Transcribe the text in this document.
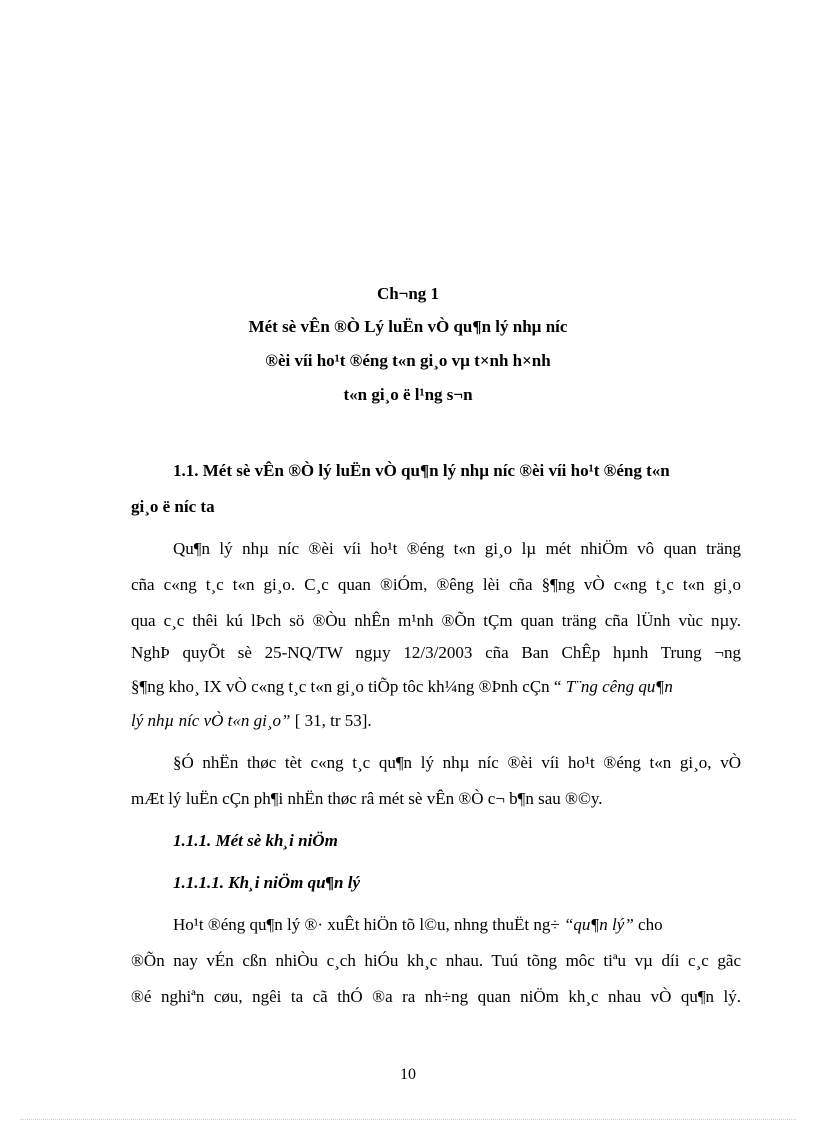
Ch¬ng 1
Mét sè vÊn ®Ò Lý luËn vÒ qu¶n lý nhµ níc
®èi víi ho¹t ®éng t«n gi¸o vµ t×nh h×nh
t«n gi¸o ë l¹ng s¬n
1.1. Mét sè vÊn ®Ò lý luËn vÒ qu¶n lý nhµ níc ®èi víi ho¹t ®éng t«n
gi¸o ë níc ta
Qu¶n lý nhµ níc ®èi víi ho¹t ®éng t«n gi¸o lµ mét nhiÖm vô quan träng
cña c«ng t¸c t«n gi¸o. C¸c quan ®iÓm, ®êng lèi cña §¶ng vÒ c«ng t¸c t«n gi¸o
qua c¸c thêi kú lÞch sö ®Òu nhÊn m¹nh ®Õn tÇm quan träng cña lÜnh vùc nµy.
NghÞ quyÕt sè 25-NQ/TW ngµy 12/3/2003 cña Ban ChÊp hµnh Trung ¬ng
§¶ng kho¸ IX vÒ c«ng t¸c t«n gi¸o tiÕp tôc kh¼ng ®Þnh cÇn “ T¨ng cêng qu¶n
lý nhµ níc vÒ t«n gi¸o” [ 31, tr 53].
§Ó nhËn thøc tèt c«ng t¸c qu¶n lý nhµ níc ®èi víi ho¹t ®éng t«n gi¸o, vÒ
mÆt lý luËn cÇn ph¶i nhËn thøc râ mét sè vÊn ®Ò c¬ b¶n sau ®©y.
1.1.1. Mét sè kh¸i niÖm
1.1.1.1. Kh¸i niÖm qu¶n lý
Ho¹t ®éng qu¶n lý ®· xuÊt hiÖn tõ l©u, nhng thuËt ng÷ “qu¶n lý” cho
®Õn nay vÉn cßn nhiÒu c¸ch hiÓu kh¸c nhau. Tuú tõng môc tiªu vµ díi c¸c gãc
®é nghiªn cøu, ngêi ta cã thÓ ®a ra nh÷ng quan niÖm kh¸c nhau vÒ qu¶n lý.
10
